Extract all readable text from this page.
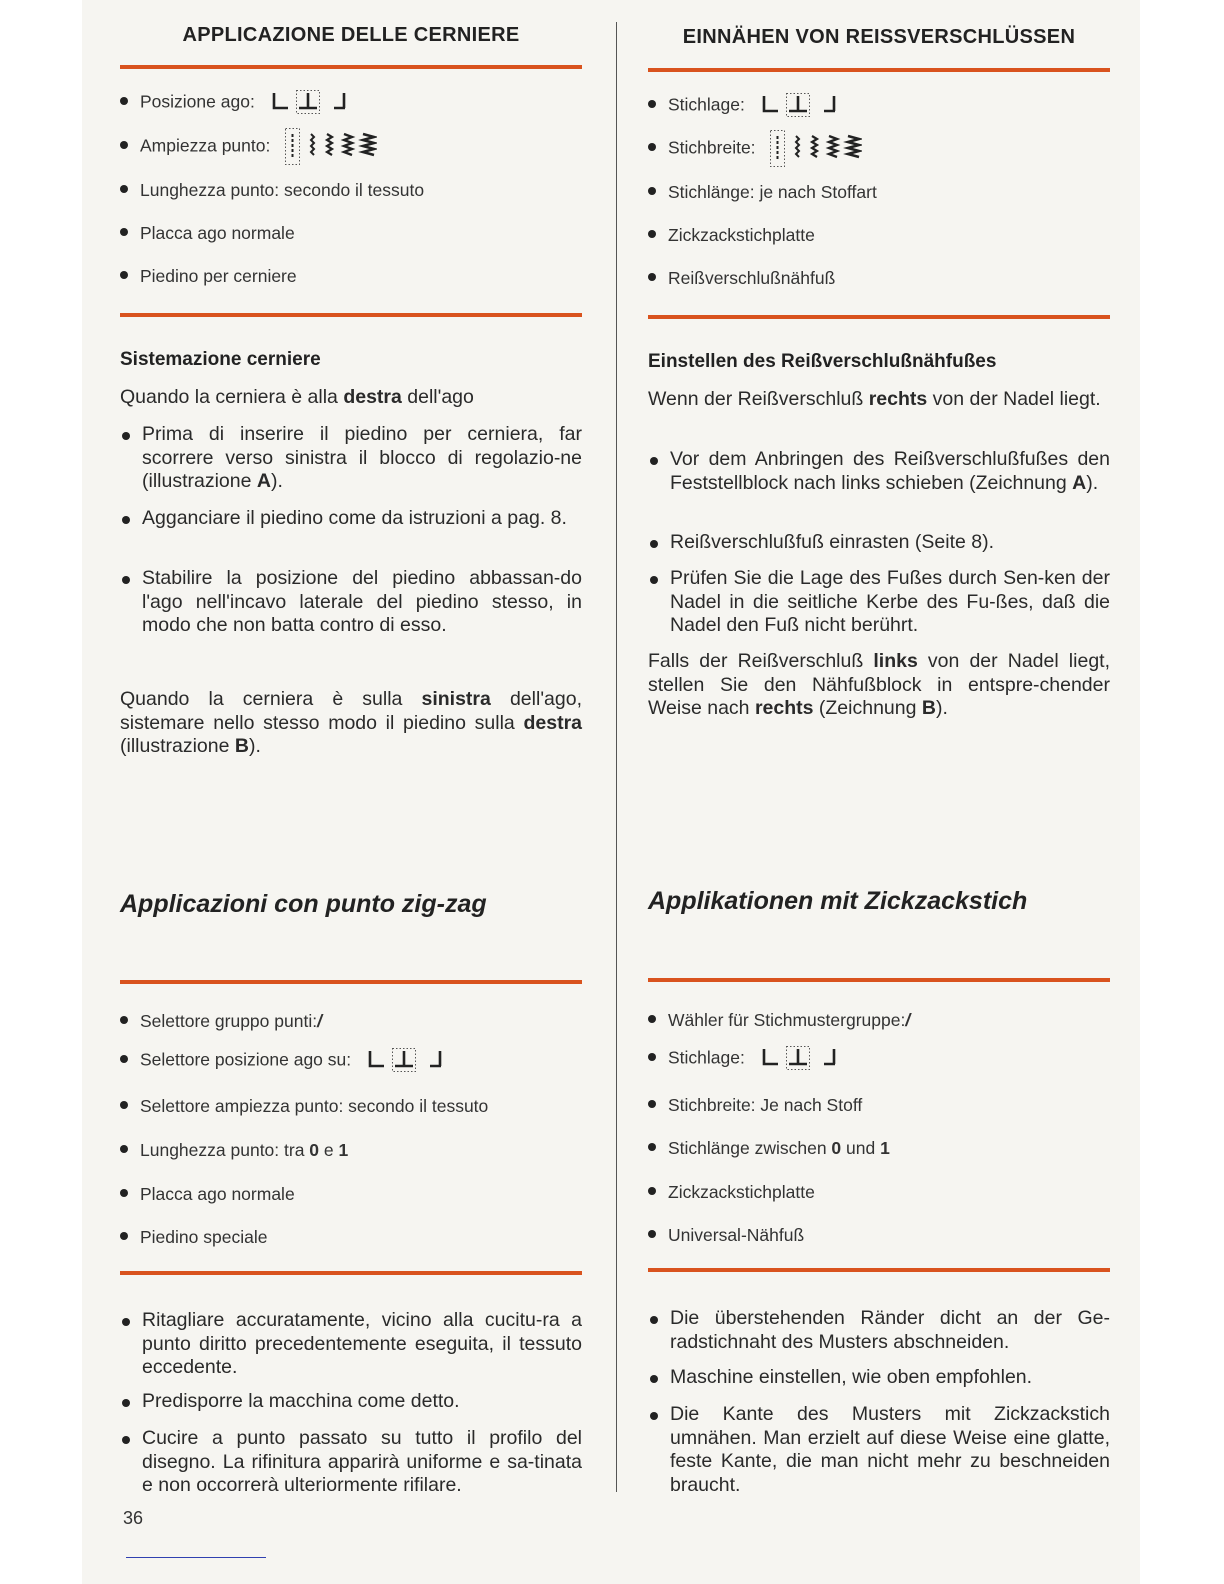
APPLICAZIONE DELLE CERNIERE
Posizione ago:
Ampiezza punto:
Lunghezza punto: secondo il tessuto
Placca ago normale
Piedino per cerniere
Sistemazione cerniere
Quando la cerniera è alla destra dell'ago
Prima di inserire il piedino per cerniera, far scorrere verso sinistra il blocco di regolazio-ne (illustrazione A).
Agganciare il piedino come da istruzioni a pag. 8.
Stabilire la posizione del piedino abbassan-do l'ago nell'incavo laterale del piedino stesso, in modo che non batta contro di esso.
Quando la cerniera è sulla sinistra dell'ago, sistemare nello stesso modo il piedino sulla destra (illustrazione B).
Applicazioni con punto zig-zag
Selettore gruppo punti:/
Selettore posizione ago su:
Selettore ampiezza punto: secondo il tessuto
Lunghezza punto: tra 0 e 1
Placca ago normale
Piedino speciale
Ritagliare accuratamente, vicino alla cucitu-ra a punto diritto precedentemente eseguita, il tessuto eccedente.
Predisporre la macchina come detto.
Cucire a punto passato su tutto il profilo del disegno. La rifinitura apparirà uniforme e sa-tinata e non occorrerà ulteriormente rifilare.
EINNÄHEN VON REISSVERSCHLÜSSEN
Stichlage:
Stichbreite:
Stichlänge: je nach Stoffart
Zickzackstichplatte
Reißverschlußnähfuß
Einstellen des Reißverschlußnähfußes
Wenn der Reißverschluß rechts von der Nadel liegt.
Vor dem Anbringen des Reißverschlußfußes den Feststellblock nach links schieben (Zeichnung A).
Reißverschlußfuß einrasten (Seite 8).
Prüfen Sie die Lage des Fußes durch Sen-ken der Nadel in die seitliche Kerbe des Fu-ßes, daß die Nadel den Fuß nicht berührt.
Falls der Reißverschluß links von der Nadel liegt, stellen Sie den Nähfußblock in entspre-chender Weise nach rechts (Zeichnung B).
Applikationen mit Zickzackstich
Wähler für Stichmustergruppe:/
Stichlage:
Stichbreite: Je nach Stoff
Stichlänge zwischen 0 und 1
Zickzackstichplatte
Universal-Nähfuß
Die überstehenden Ränder dicht an der Ge-radstichnaht des Musters abschneiden.
Maschine einstellen, wie oben empfohlen.
Die Kante des Musters mit Zickzackstich umnähen. Man erzielt auf diese Weise eine glatte, feste Kante, die man nicht mehr zu beschneiden braucht.
36
